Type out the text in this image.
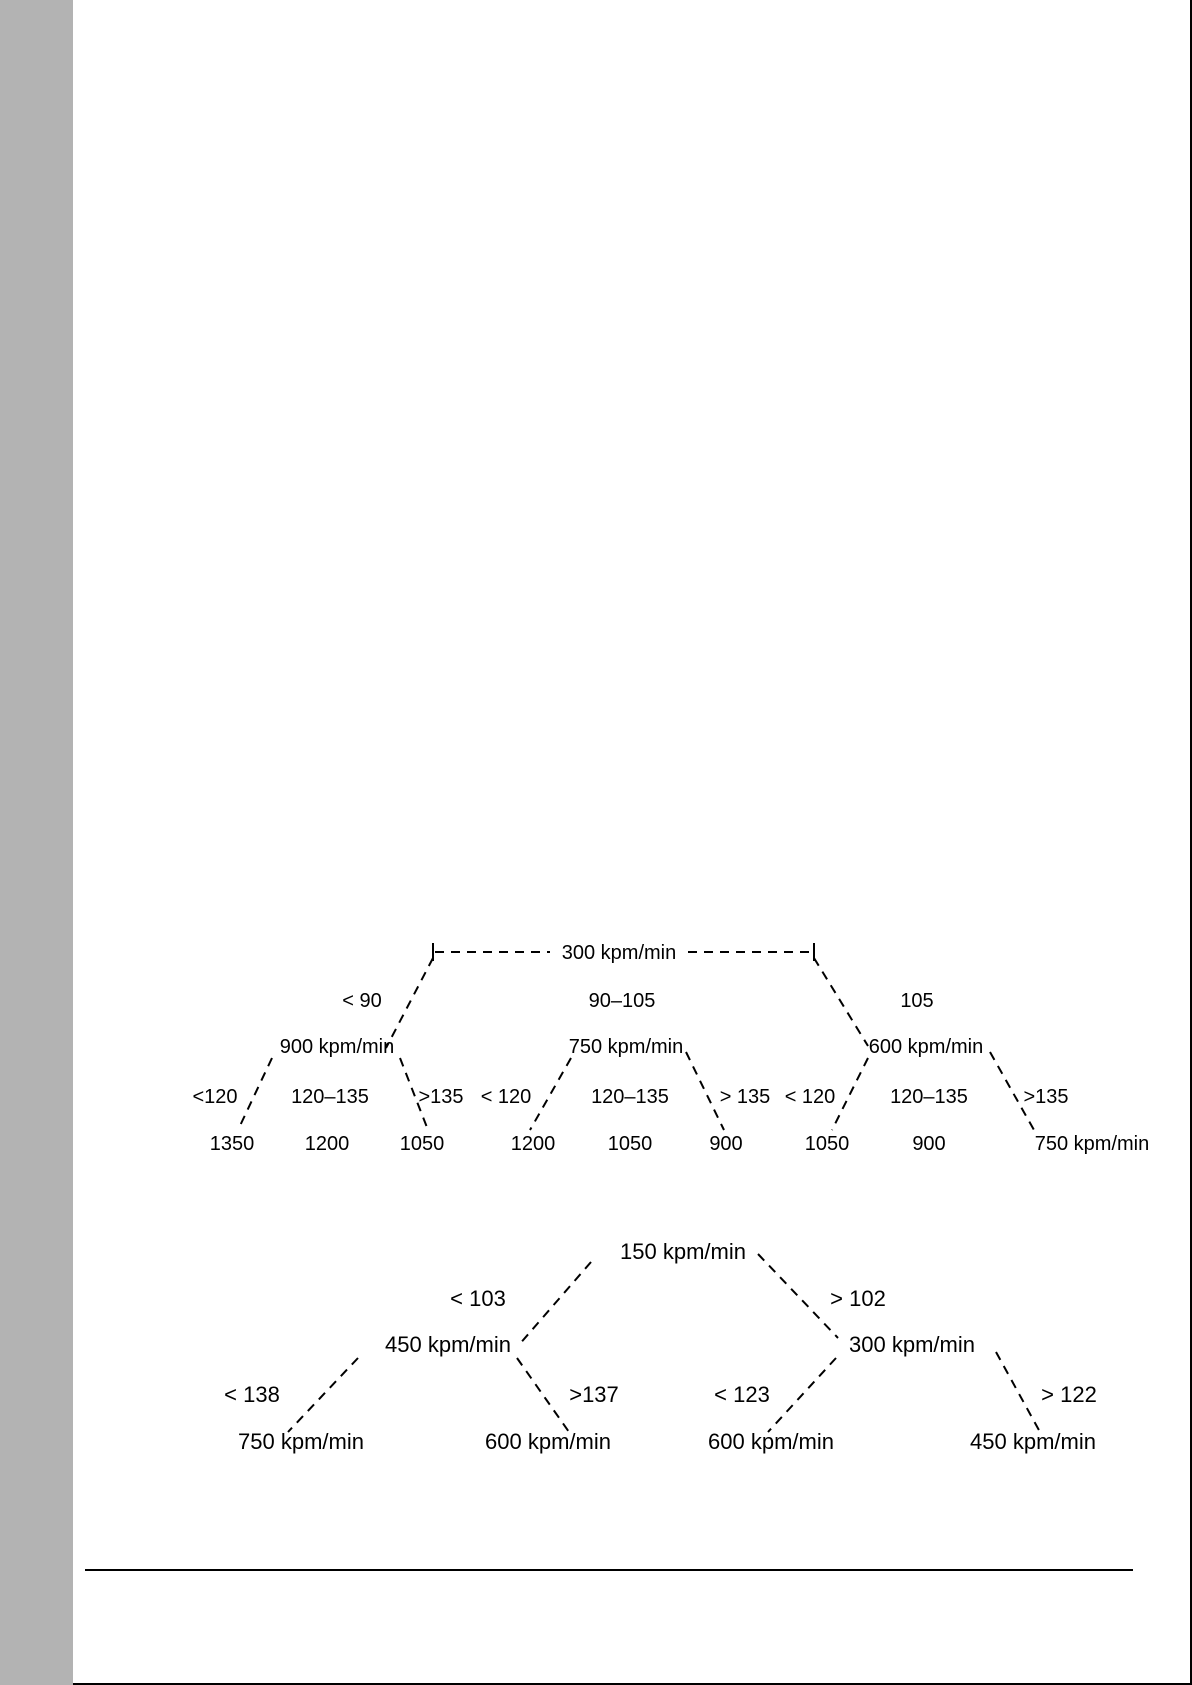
300 kpm/min
< 90	90–105	105
900 kpm/min	750 kpm/min	600 kpm/min
<120	120–135 >135 < 120	120–135	> 135 < 120	120–135	>135
1350	1200	1050	1200	1050	900	1050	900	750 kpm/min
150 kpm/min
< 103	> 102
450 kpm/min	300 kpm/min
< 138	>137	< 123	> 122
750 kpm/min	600 kpm/min	600 kpm/min	450 kpm/min
